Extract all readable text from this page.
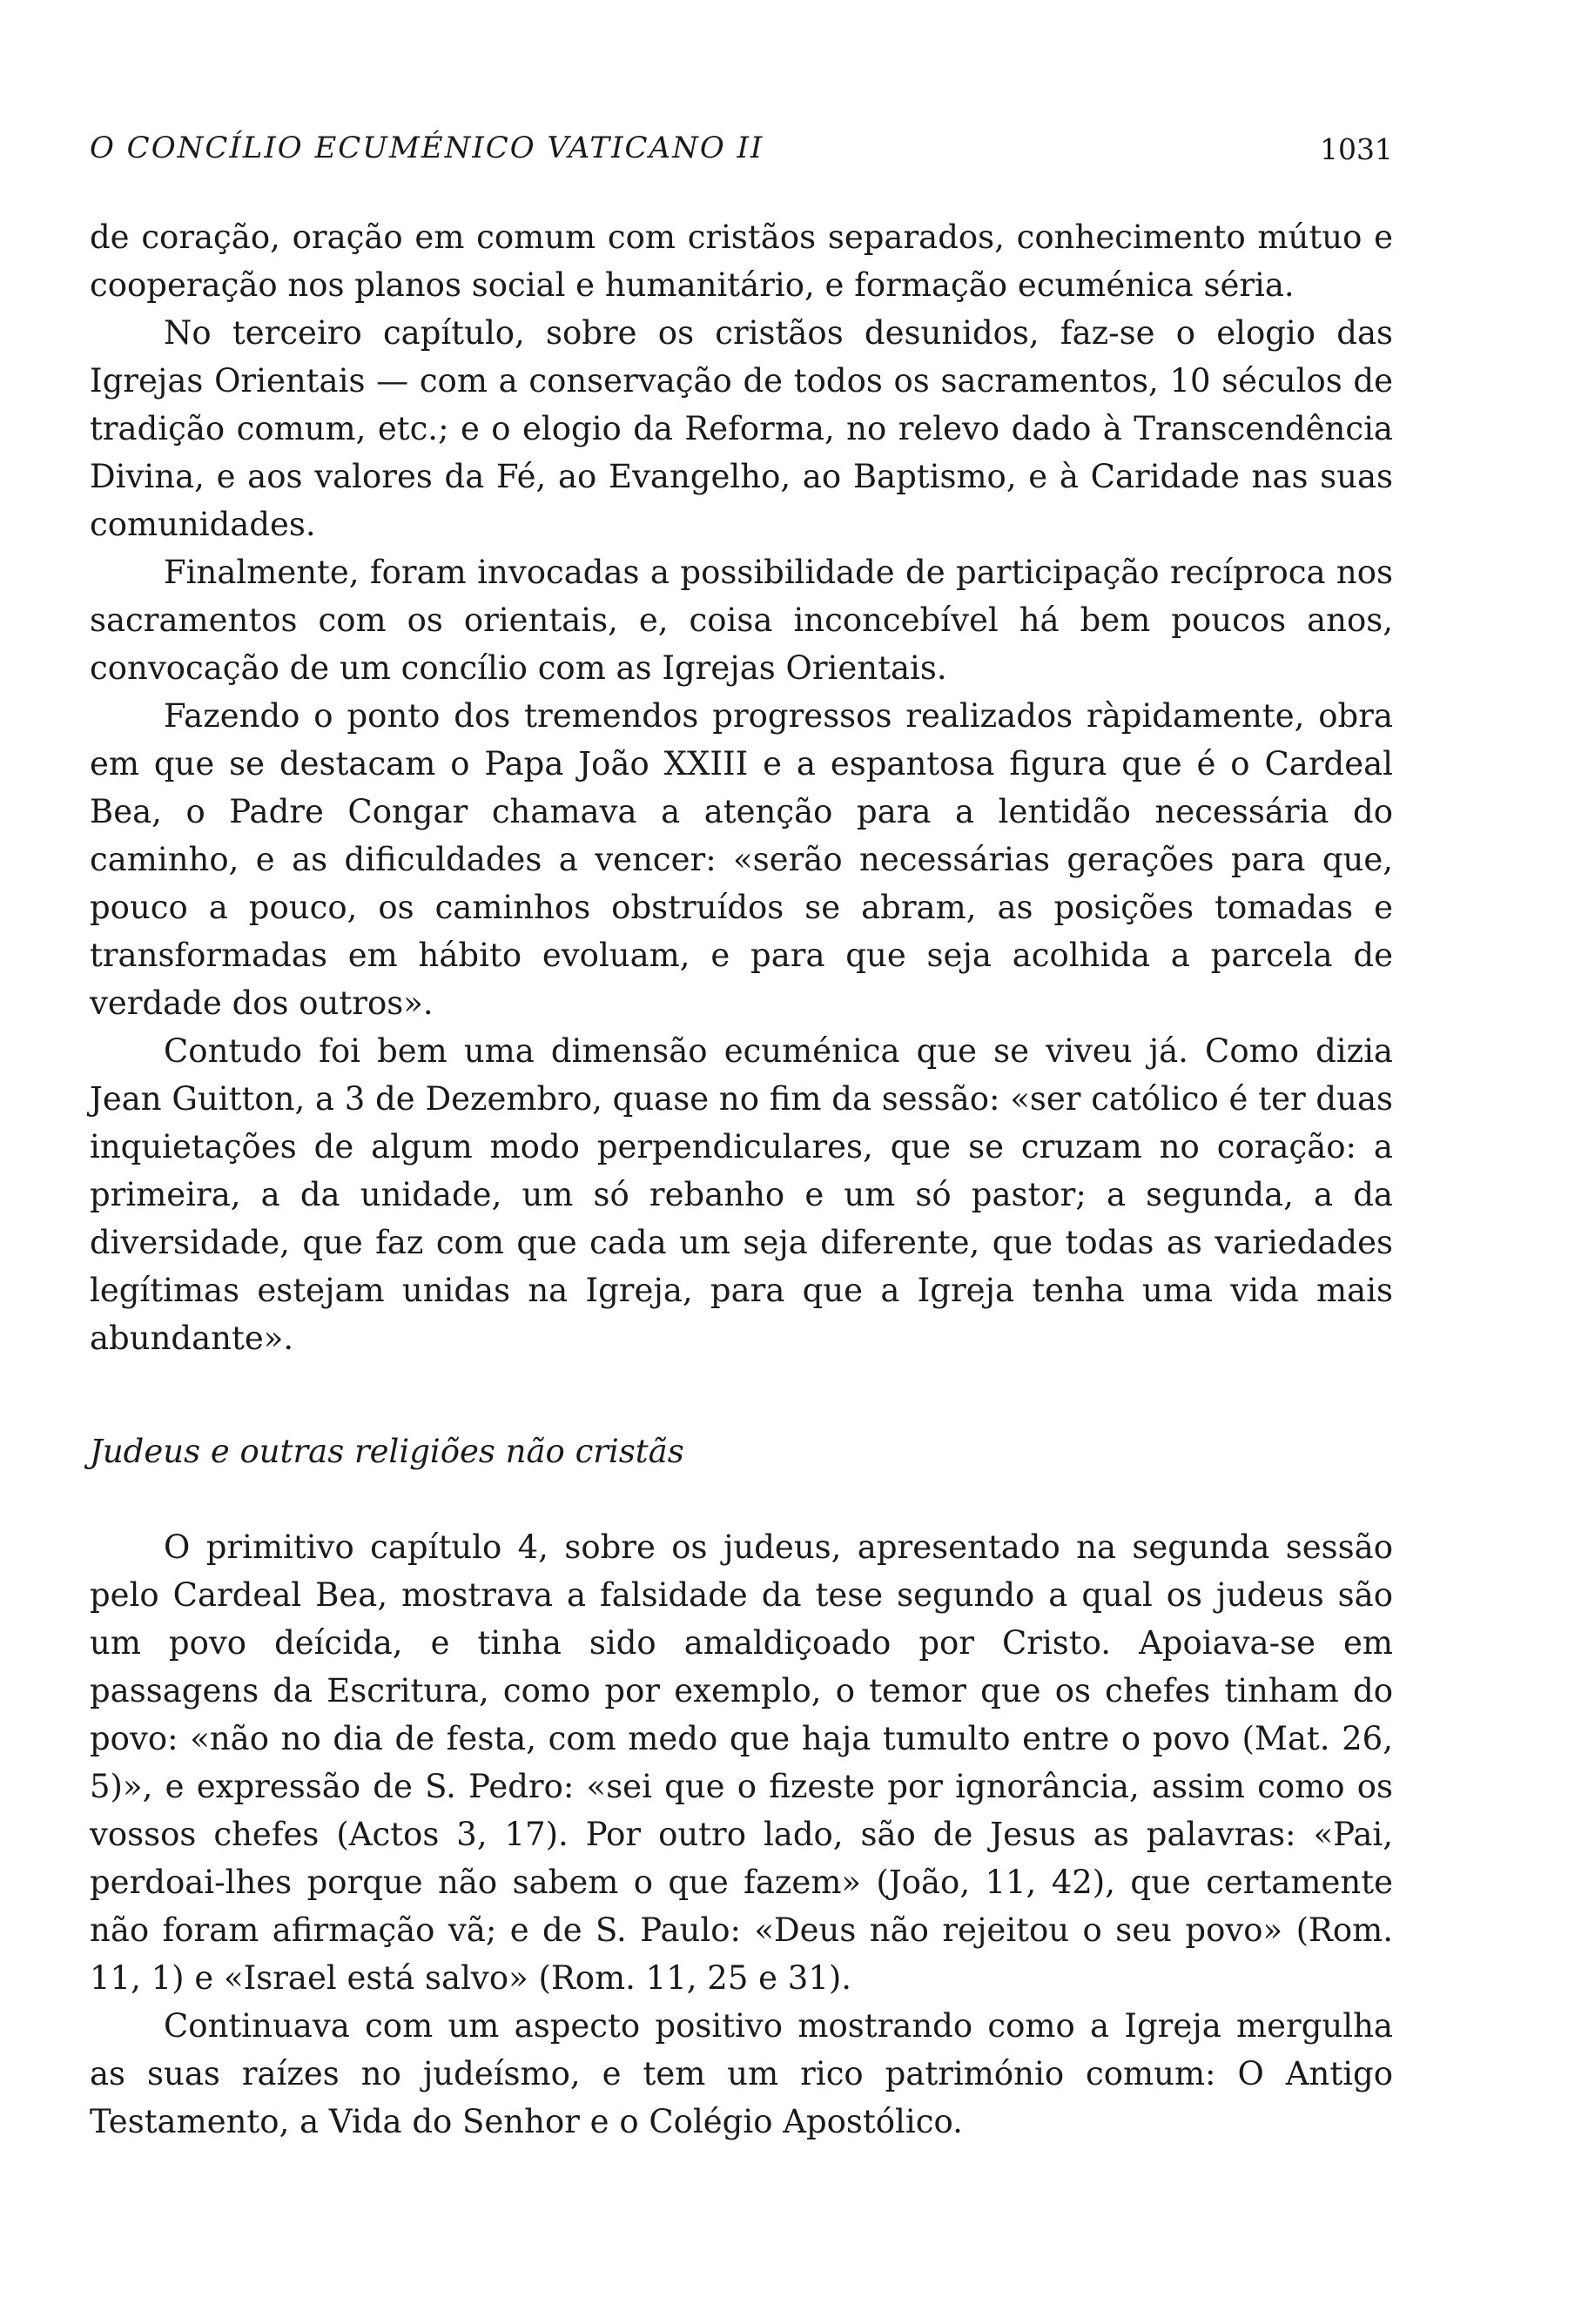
O CONCÍLIO ECUMÉNICO VATICANO II	1031

de coração, oração em comum com cristãos separados, conhecimento mútuo e cooperação nos planos social e humanitário, e formação ecuménica séria.

No terceiro capítulo, sobre os cristãos desunidos, faz-se o elogio das Igrejas Orientais — com a conservação de todos os sacramentos, 10 séculos de tradição comum, etc.; e o elogio da Reforma, no relevo dado à Transcendência Divina, e aos valores da Fé, ao Evangelho, ao Baptismo, e à Caridade nas suas comunidades.

Finalmente, foram invocadas a possibilidade de participação recíproca nos sacramentos com os orientais, e, coisa inconcebível há bem poucos anos, convocação de um concílio com as Igrejas Orientais.

Fazendo o ponto dos tremendos progressos realizados ràpidamente, obra em que se destacam o Papa João XXIII e a espantosa figura que é o Cardeal Bea, o Padre Congar chamava a atenção para a lentidão necessária do caminho, e as dificuldades a vencer: «serão necessárias gerações para que, pouco a pouco, os caminhos obstruídos se abram, as posições tomadas e transformadas em hábito evoluam, e para que seja acolhida a parcela de verdade dos outros».

Contudo foi bem uma dimensão ecuménica que se viveu já. Como dizia Jean Guitton, a 3 de Dezembro, quase no fim da sessão: «ser católico é ter duas inquietações de algum modo perpendiculares, que se cruzam no coração: a primeira, a da unidade, um só rebanho e um só pastor; a segunda, a da diversidade, que faz com que cada um seja diferente, que todas as variedades legítimas estejam unidas na Igreja, para que a Igreja tenha uma vida mais abundante».

Judeus e outras religiões não cristãs

O primitivo capítulo 4, sobre os judeus, apresentado na segunda sessão pelo Cardeal Bea, mostrava a falsidade da tese segundo a qual os judeus são um povo deícida, e tinha sido amaldiçoado por Cristo. Apoiava-se em passagens da Escritura, como por exemplo, o temor que os chefes tinham do povo: «não no dia de festa, com medo que haja tumulto entre o povo (Mat. 26, 5)», e expressão de S. Pedro: «sei que o fizeste por ignorância, assim como os vossos chefes (Actos 3, 17). Por outro lado, são de Jesus as palavras: «Pai, perdoai-lhes porque não sabem o que fazem» (João, 11, 42), que certamente não foram afirmação vã; e de S. Paulo: «Deus não rejeitou o seu povo» (Rom. 11, 1) e «Israel está salvo» (Rom. 11, 25 e 31).

Continuava com um aspecto positivo mostrando como a Igreja mergulha as suas raízes no judeísmo, e tem um rico património comum: O Antigo Testamento, a Vida do Senhor e o Colégio Apostólico.
